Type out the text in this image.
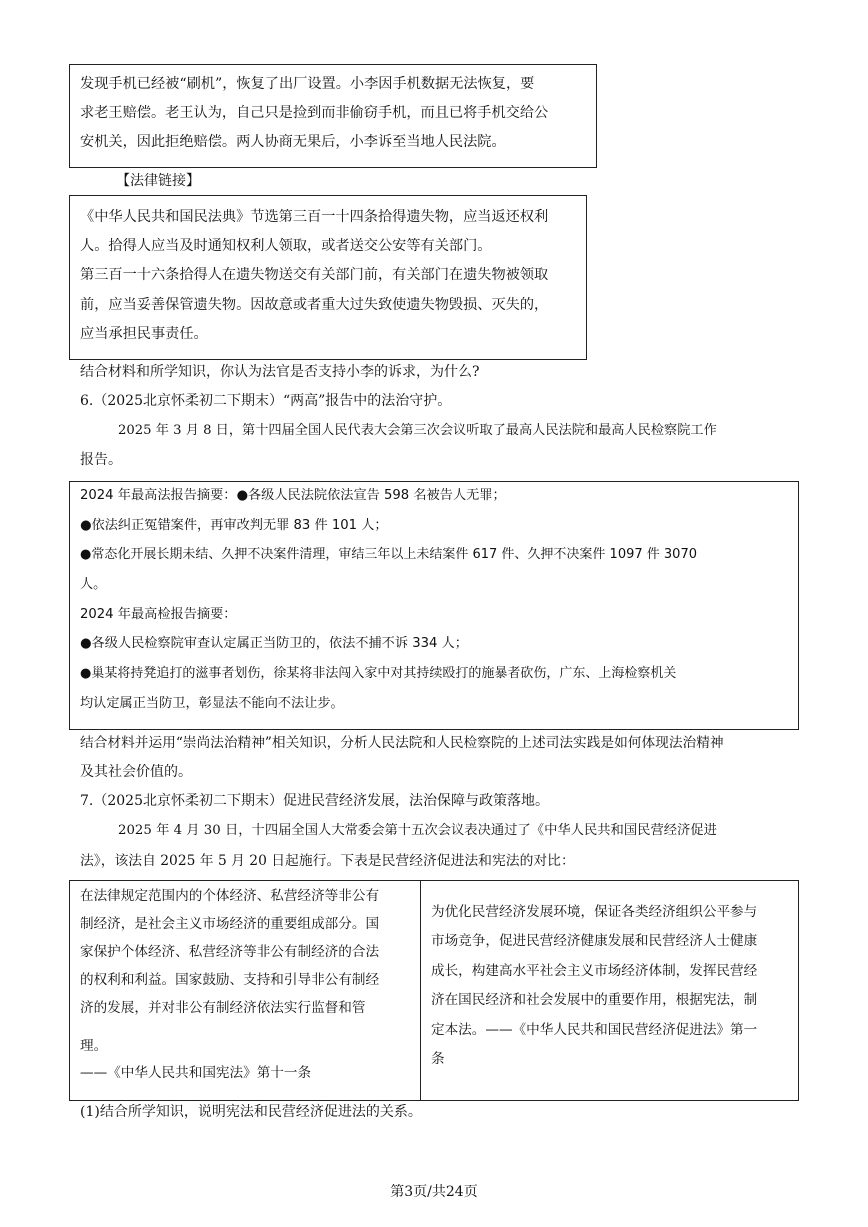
发现手机已经被“刷机”，恢复了出厂设置。小李因手机数据无法恢复，要
求老王赔偿。老王认为，自己只是捡到而非偷窃手机，而且已将手机交给公
安机关，因此拒绝赔偿。两人协商无果后，小李诉至当地人民法院。
【法律链接】
《中华人民共和国民法典》节选第三百一十四条拾得遗失物，应当返还权利
人。拾得人应当及时通知权利人领取，或者送交公安等有关部门。
第三百一十六条拾得人在遗失物送交有关部门前，有关部门在遗失物被领取
前，应当妥善保管遗失物。因故意或者重大过失致使遗失物毁损、灭失的，
应当承担民事责任。
结合材料和所学知识，你认为法官是否支持小李的诉求，为什么?
6.（2025北京怀柔初二下期末）“两高”报告中的法治守护。
2025 年 3 月 8 日，第十四届全国人民代表大会第三次会议听取了最高人民法院和最高人民检察院工作
报告。
2024 年最高法报告摘要：●各级人民法院依法宣告 598 名被告人无罪；
●依法纠正冤错案件，再审改判无罪 83 件 101 人；
●常态化开展长期未结、久押不决案件清理，审结三年以上未结案件 617 件、久押不决案件 1097 件 3070
人。
2024 年最高检报告摘要：
●各级人民检察院审查认定属正当防卫的，依法不捕不诉 334 人；
●巢某将持凳追打的滋事者划伤，徐某将非法闯入家中对其持续殴打的施暴者砍伤，广东、上海检察机关
均认定属正当防卫，彰显法不能向不法让步。
结合材料并运用“崇尚法治精神”相关知识，分析人民法院和人民检察院的上述司法实践是如何体现法治精神
及其社会价值的。
7.（2025北京怀柔初二下期末）促进民营经济发展，法治保障与政策落地。
2025 年 4 月 30 日，十四届全国人大常委会第十五次会议表决通过了《中华人民共和国民营经济促进
法》，该法自 2025 年 5 月 20 日起施行。下表是民营经济促进法和宪法的对比：
在法律规定范围内的个体经济、私营经济等非公有
制经济，是社会主义市场经济的重要组成部分。国
家保护个体经济、私营经济等非公有制经济的合法
的权利和利益。国家鼓励、支持和引导非公有制经
济的发展，并对非公有制经济依法实行监督和管
理。
——《中华人民共和国宪法》第十一条
为优化民营经济发展环境，保证各类经济组织公平参与
市场竞争，促进民营经济健康发展和民营经济人士健康
成长，构建高水平社会主义市场经济体制，发挥民营经
济在国民经济和社会发展中的重要作用，根据宪法，制
定本法。——《中华人民共和国民营经济促进法》第一
条
(1)结合所学知识，说明宪法和民营经济促进法的关系。
第3页/共24页
